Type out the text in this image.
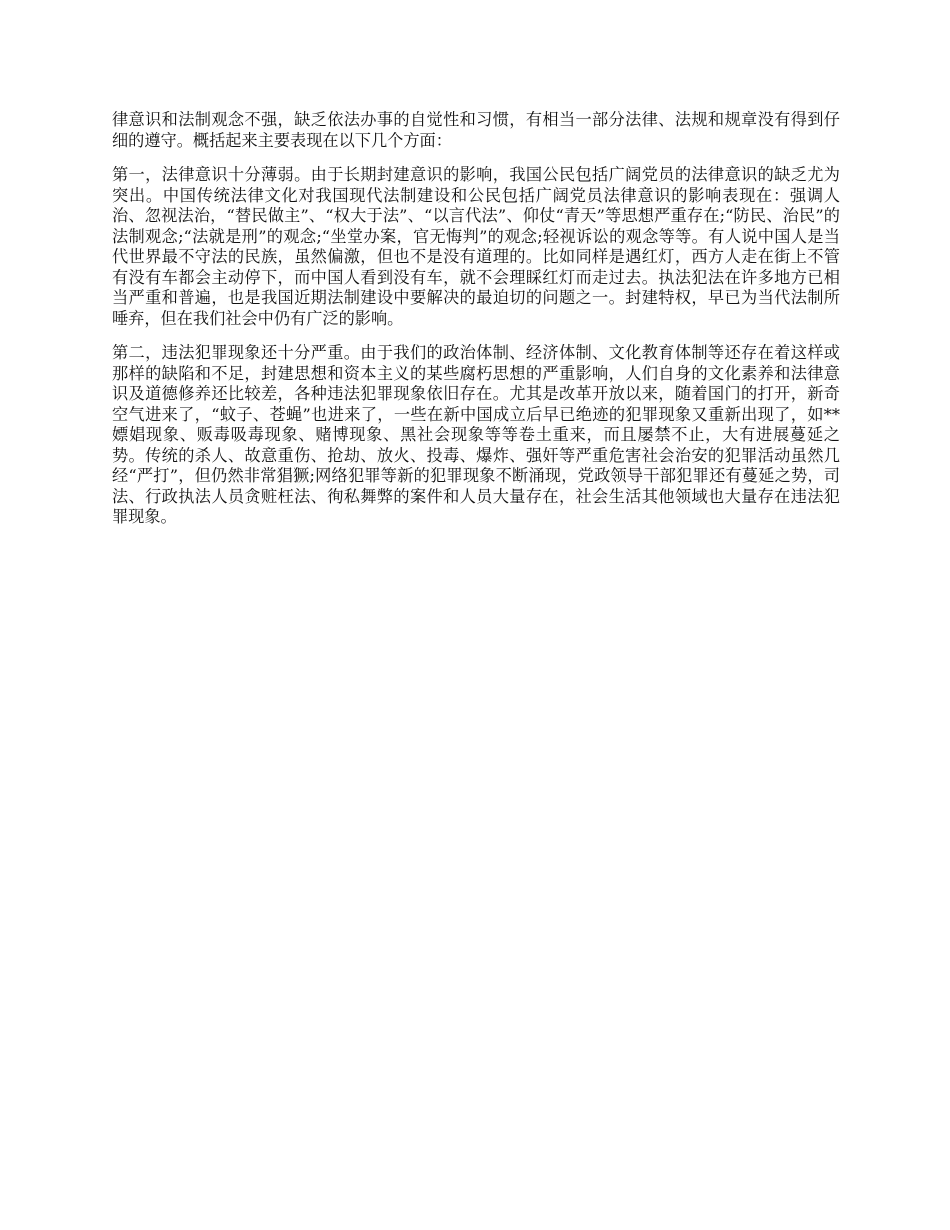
律意识和法制观念不强，缺乏依法办事的自觉性和习惯，有相当一部分法律、法规和规章没有得到仔细的遵守。概括起来主要表现在以下几个方面：

第一，法律意识十分薄弱。由于长期封建意识的影响，我国公民包括广阔党员的法律意识的缺乏尤为突出。中国传统法律文化对我国现代法制建设和公民包括广阔党员法律意识的影响表现在：强调人治、忽视法治，“替民做主”、“权大于法”、“以言代法”、仰仗“青天”等思想严重存在;“防民、治民”的法制观念;“法就是刑”的观念;“坐堂办案，官无悔判”的观念;轻视诉讼的观念等等。有人说中国人是当代世界最不守法的民族，虽然偏激，但也不是没有道理的。比如同样是遇红灯，西方人走在街上不管有没有车都会主动停下，而中国人看到没有车，就不会理睬红灯而走过去。执法犯法在许多地方已相当严重和普遍，也是我国近期法制建设中要解决的最迫切的问题之一。封建特权，早已为当代法制所唾弃，但在我们社会中仍有广泛的影响。

第二，违法犯罪现象还十分严重。由于我们的政治体制、经济体制、文化教育体制等还存在着这样或那样的缺陷和不足，封建思想和资本主义的某些腐朽思想的严重影响，人们自身的文化素养和法律意识及道德修养还比较差，各种违法犯罪现象依旧存在。尤其是改革开放以来，随着国门的打开，新奇空气进来了，“蚊子、苍蝇”也进来了，一些在新中国成立后早已绝迹的犯罪现象又重新出现了，如**嫖娼现象、贩毒吸毒现象、赌博现象、黑社会现象等等卷土重来，而且屡禁不止，大有进展蔓延之势。传统的杀人、故意重伤、抢劫、放火、投毒、爆炸、强奸等严重危害社会治安的犯罪活动虽然几经“严打”，但仍然非常猖獗;网络犯罪等新的犯罪现象不断涌现，党政领导干部犯罪还有蔓延之势，司法、行政执法人员贪赃枉法、徇私舞弊的案件和人员大量存在，社会生活其他领域也大量存在违法犯罪现象。
